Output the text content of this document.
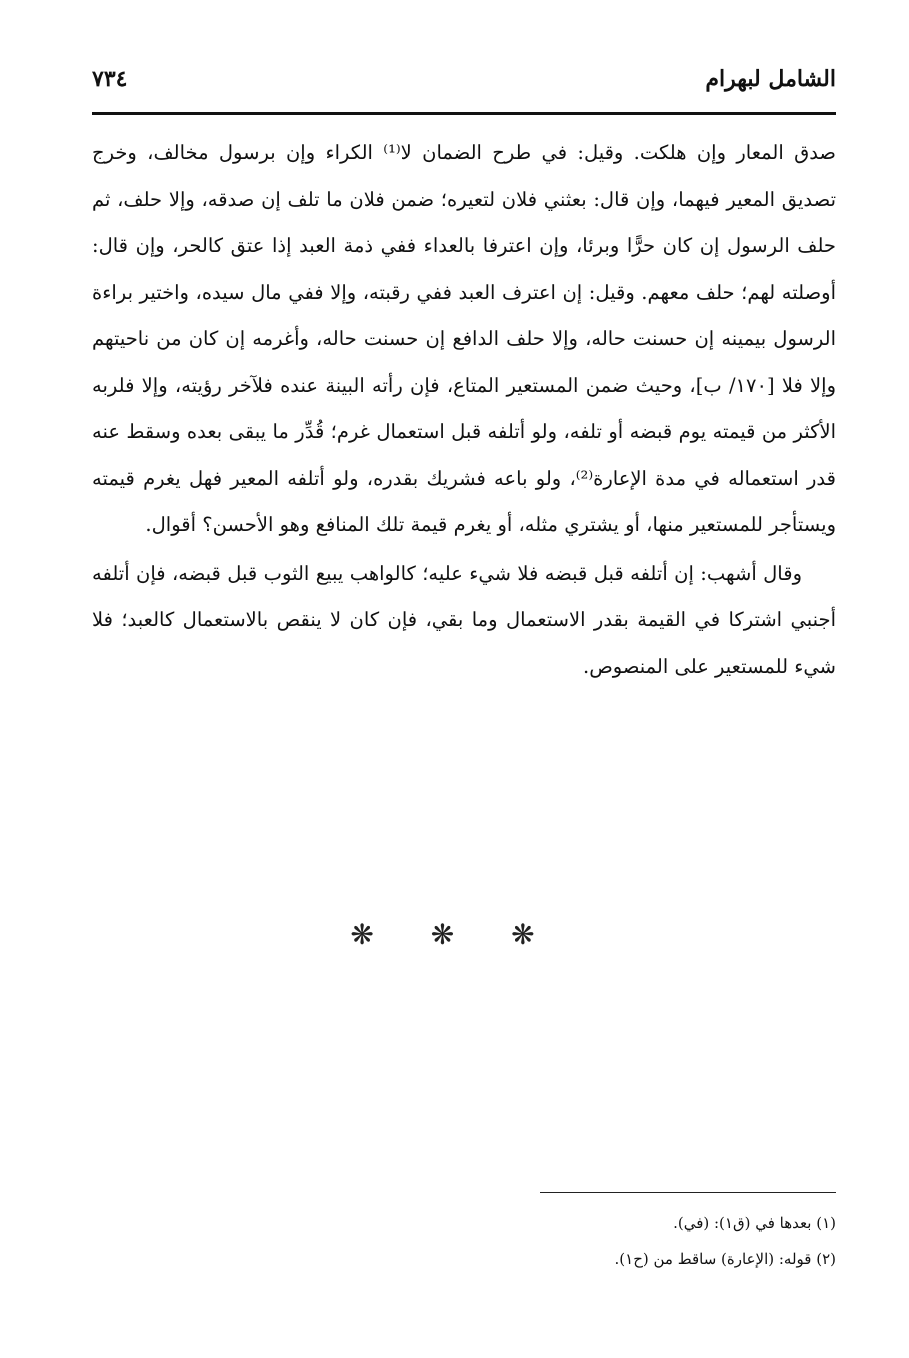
الشامل لبهرام
٧٣٤

صدق المعار وإن هلكت. وقيل: في طرح الضمان لا⁽¹⁾ الكراء وإن برسول مخالف، وخرج تصديق المعير فيهما، وإن قال: بعثني فلان لتعيره؛ ضمن فلان ما تلف إن صدقه، وإلا حلف، ثم حلف الرسول إن كان حرًّا وبرئا، وإن اعترفا بالعداء ففي ذمة العبد إذا عتق كالحر، وإن قال: أوصلته لهم؛ حلف معهم. وقيل: إن اعترف العبد ففي رقبته، وإلا ففي مال سيده، واختير براءة الرسول بيمينه إن حسنت حاله، وإلا حلف الدافع إن حسنت حاله، وأغرمه إن كان من ناحيتهم وإلا فلا [١٧٠/ ب]، وحيث ضمن المستعير المتاع، فإن رأته البينة عنده فلآخر رؤيته، وإلا فلربه الأكثر من قيمته يوم قبضه أو تلفه، ولو أتلفه قبل استعمال غرم؛ قُدِّر ما يبقى بعده وسقط عنه قدر استعماله في مدة الإعارة⁽²⁾، ولو باعه فشريك بقدره، ولو أتلفه المعير فهل يغرم قيمته ويستأجر للمستعير منها، أو يشتري مثله، أو يغرم قيمة تلك المنافع وهو الأحسن؟ أقوال.

وقال أشهب: إن أتلفه قبل قبضه فلا شيء عليه؛ كالواهب يبيع الثوب قبل قبضه، فإن أتلفه أجنبي اشتركا في القيمة بقدر الاستعمال وما بقي، فإن كان لا ينقص بالاستعمال كالعبد؛ فلا شيء للمستعير على المنصوص.

❋ ❋ ❋
(١) بعدها في (ق١): (في).
(٢) قوله: (الإعارة) ساقط من (ح١).
